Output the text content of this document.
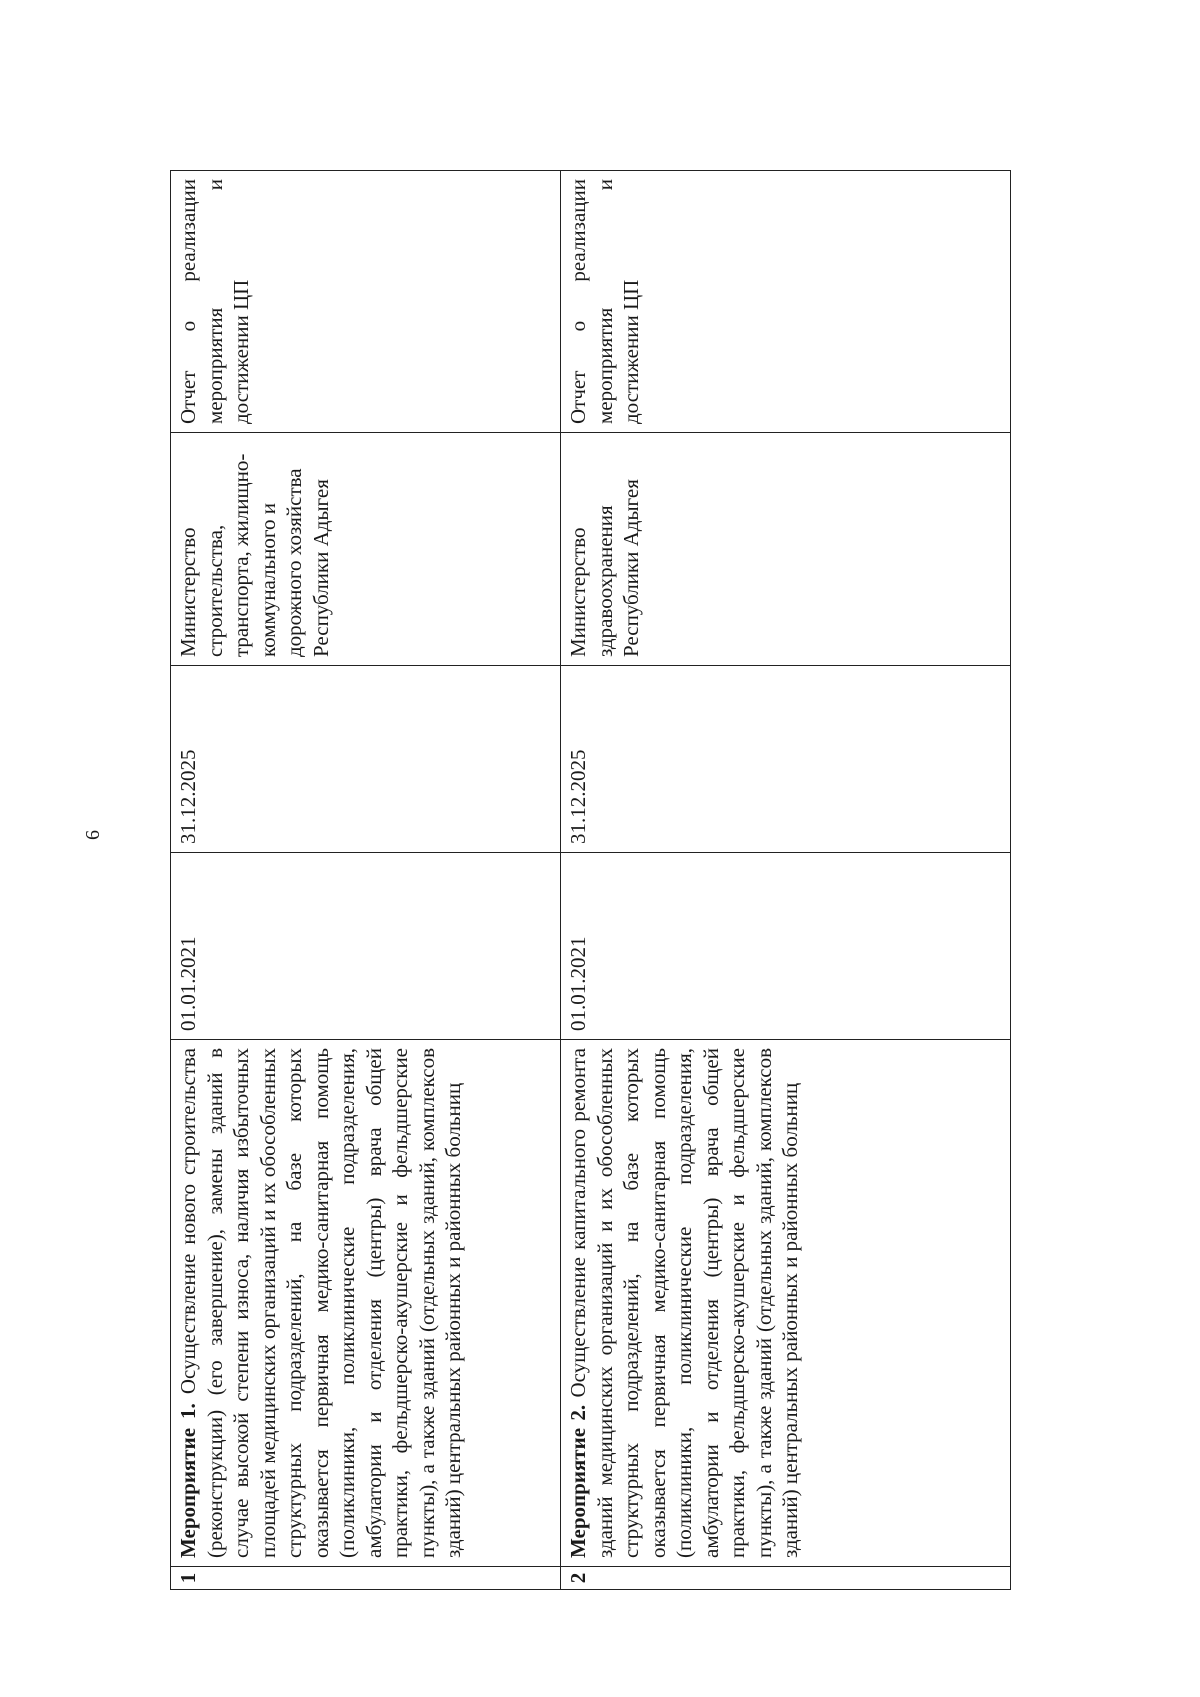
6
1	Мероприятие 1. Осуществление нового строительства (реконструкции) (его завершение), замены зданий в случае высокой степени износа, наличия избыточных площадей медицинских организаций и их обособленных структурных подразделений, на базе которых оказывается первичная медико-санитарная помощь (поликлиники, поликлинические подразделения, амбулатории и отделения (центры) врача общей практики, фельдшерско-акушерские и фельдшерские пункты), а также зданий (отдельных зданий, комплексов зданий) центральных районных и районных больниц	01.01.2021	31.12.2025	Министерство строительства, транспорта, жилищно-коммунального и дорожного хозяйства Республики Адыгея	Отчет о реализации мероприятия и достижении ЦП
2	Мероприятие 2. Осуществление капитального ремонта зданий медицинских организаций и их обособленных структурных подразделений, на базе которых оказывается первичная медико-санитарная помощь (поликлиники, поликлинические подразделения, амбулатории и отделения (центры) врача общей практики, фельдшерско-акушерские и фельдшерские пункты), а также зданий (отдельных зданий, комплексов зданий) центральных районных и районных больниц	01.01.2021	31.12.2025	Министерство здравоохранения Республики Адыгея	Отчет о реализации мероприятия и достижении ЦП
